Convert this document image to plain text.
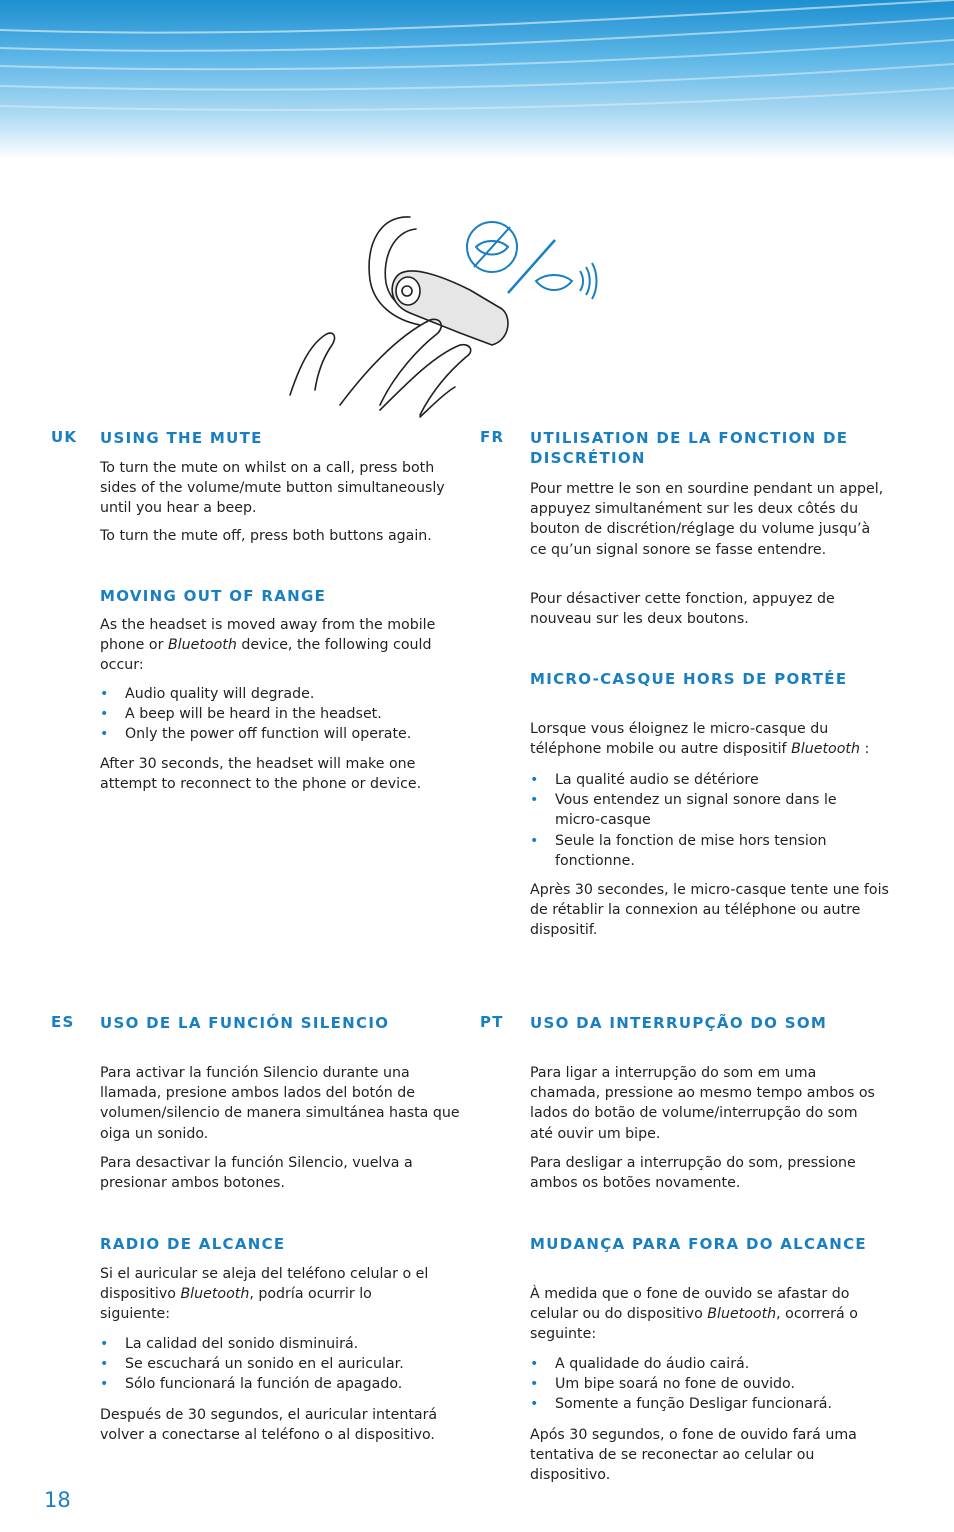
UK USING THE MUTE
To turn the mute on whilst on a call, press both sides of the volume/mute button simultaneously until you hear a beep.
To turn the mute off, press both buttons again.
MOVING OUT OF RANGE
As the headset is moved away from the mobile phone or Bluetooth device, the following could occur:
• Audio quality will degrade.
• A beep will be heard in the headset.
• Only the power off function will operate.
After 30 seconds, the headset will make one attempt to reconnect to the phone or device.
FR UTILISATION DE LA FONCTION DE DISCRÉTION
Pour mettre le son en sourdine pendant un appel, appuyez simultanément sur les deux côtés du bouton de discrétion/réglage du volume jusqu’à ce qu’un signal sonore se fasse entendre.
Pour désactiver cette fonction, appuyez de nouveau sur les deux boutons.
MICRO-CASQUE HORS DE PORTÉE
Lorsque vous éloignez le micro-casque du téléphone mobile ou autre dispositif Bluetooth :
• La qualité audio se détériore
• Vous entendez un signal sonore dans le micro-casque
• Seule la fonction de mise hors tension fonctionne.
Après 30 secondes, le micro-casque tente une fois de rétablir la connexion au téléphone ou autre dispositif.
ES USO DE LA FUNCIÓN SILENCIO
Para activar la función Silencio durante una llamada, presione ambos lados del botón de volumen/silencio de manera simultánea hasta que oiga un sonido.
Para desactivar la función Silencio, vuelva a presionar ambos botones.
RADIO DE ALCANCE
Si el auricular se aleja del teléfono celular o el dispositivo Bluetooth, podría ocurrir lo siguiente:
• La calidad del sonido disminuirá.
• Se escuchará un sonido en el auricular.
• Sólo funcionará la función de apagado.
Después de 30 segundos, el auricular intentará volver a conectarse al teléfono o al dispositivo.
PT USO DA INTERRUPÇÃO DO SOM
Para ligar a interrupção do som em uma chamada, pressione ao mesmo tempo ambos os lados do botão de volume/interrupção do som até ouvir um bipe.
Para desligar a interrupção do som, pressione ambos os botões novamente.
MUDANÇA PARA FORA DO ALCANCE
À medida que o fone de ouvido se afastar do celular ou do dispositivo Bluetooth, ocorrerá o seguinte:
• A qualidade do áudio cairá.
• Um bipe soará no fone de ouvido.
• Somente a função Desligar funcionará.
Após 30 segundos, o fone de ouvido fará uma tentativa de se reconectar ao celular ou dispositivo.
18
